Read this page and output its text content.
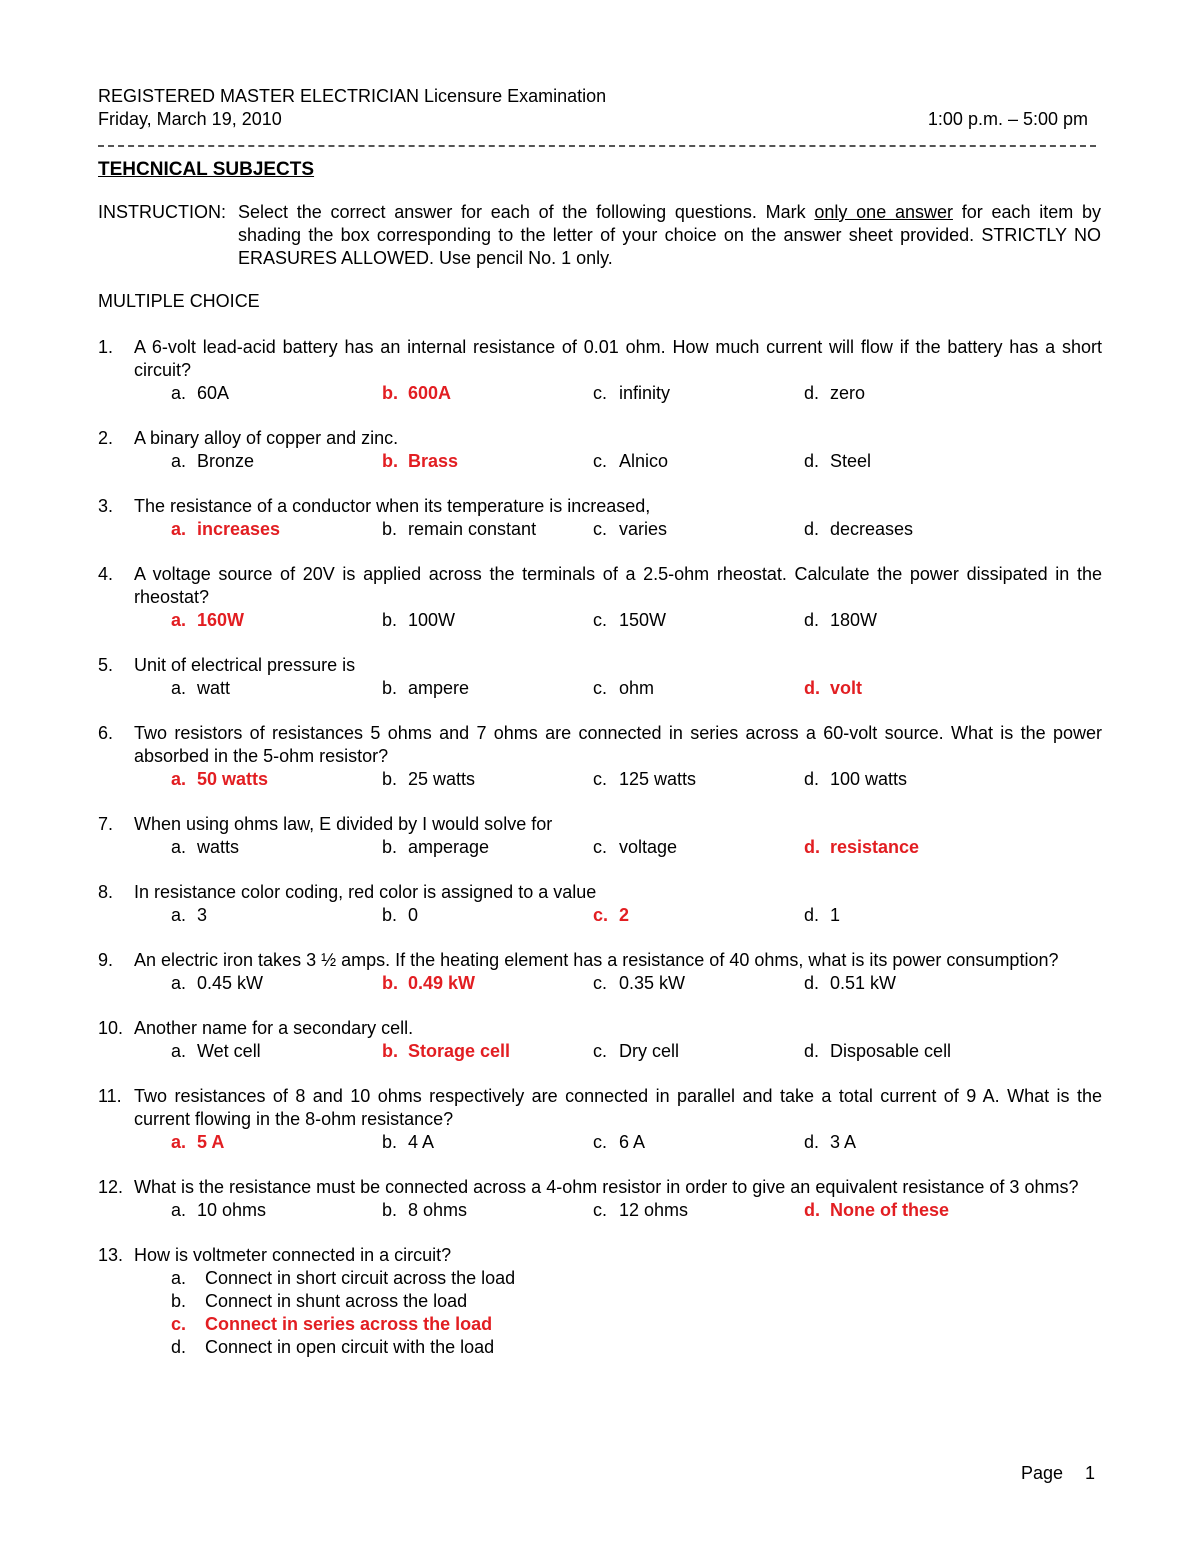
REGISTERED MASTER ELECTRICIAN Licensure Examination
Friday, March 19, 2010	1:00 p.m. – 5:00 pm
TEHCNICAL SUBJECTS
INSTRUCTION: Select the correct answer for each of the following questions. Mark only one answer for each item by shading the box corresponding to the letter of your choice on the answer sheet provided. STRICTLY NO ERASURES ALLOWED. Use pencil No. 1 only.
MULTIPLE CHOICE
1. A 6-volt lead-acid battery has an internal resistance of 0.01 ohm. How much current will flow if the battery has a short circuit?
a. 60A	b. 600A	c. infinity	d. zero
2. A binary alloy of copper and zinc.
a. Bronze	b. Brass	c. Alnico	d. Steel
3. The resistance of a conductor when its temperature is increased,
a. increases	b. remain constant	c. varies	d. decreases
4. A voltage source of 20V is applied across the terminals of a 2.5-ohm rheostat. Calculate the power dissipated in the rheostat?
a. 160W	b. 100W	c. 150W	d. 180W
5. Unit of electrical pressure is
a. watt	b. ampere	c. ohm	d. volt
6. Two resistors of resistances 5 ohms and 7 ohms are connected in series across a 60-volt source. What is the power absorbed in the 5-ohm resistor?
a. 50 watts	b. 25 watts	c. 125 watts	d. 100 watts
7. When using ohms law, E divided by I would solve for
a. watts	b. amperage	c. voltage	d. resistance
8. In resistance color coding, red color is assigned to a value
a. 3	b. 0	c. 2	d. 1
9. An electric iron takes 3 ½ amps. If the heating element has a resistance of 40 ohms, what is its power consumption?
a. 0.45 kW	b. 0.49 kW	c. 0.35 kW	d. 0.51 kW
10. Another name for a secondary cell.
a. Wet cell	b. Storage cell	c. Dry cell	d. Disposable cell
11. Two resistances of 8 and 10 ohms respectively are connected in parallel and take a total current of 9 A. What is the current flowing in the 8-ohm resistance?
a. 5 A	b. 4 A	c. 6 A	d. 3 A
12. What is the resistance must be connected across a 4-ohm resistor in order to give an equivalent resistance of 3 ohms?
a. 10 ohms	b. 8 ohms	c. 12 ohms	d. None of these
13. How is voltmeter connected in a circuit?
a. Connect in short circuit across the load
b. Connect in shunt across the load
c. Connect in series across the load
d. Connect in open circuit with the load
Page 1
